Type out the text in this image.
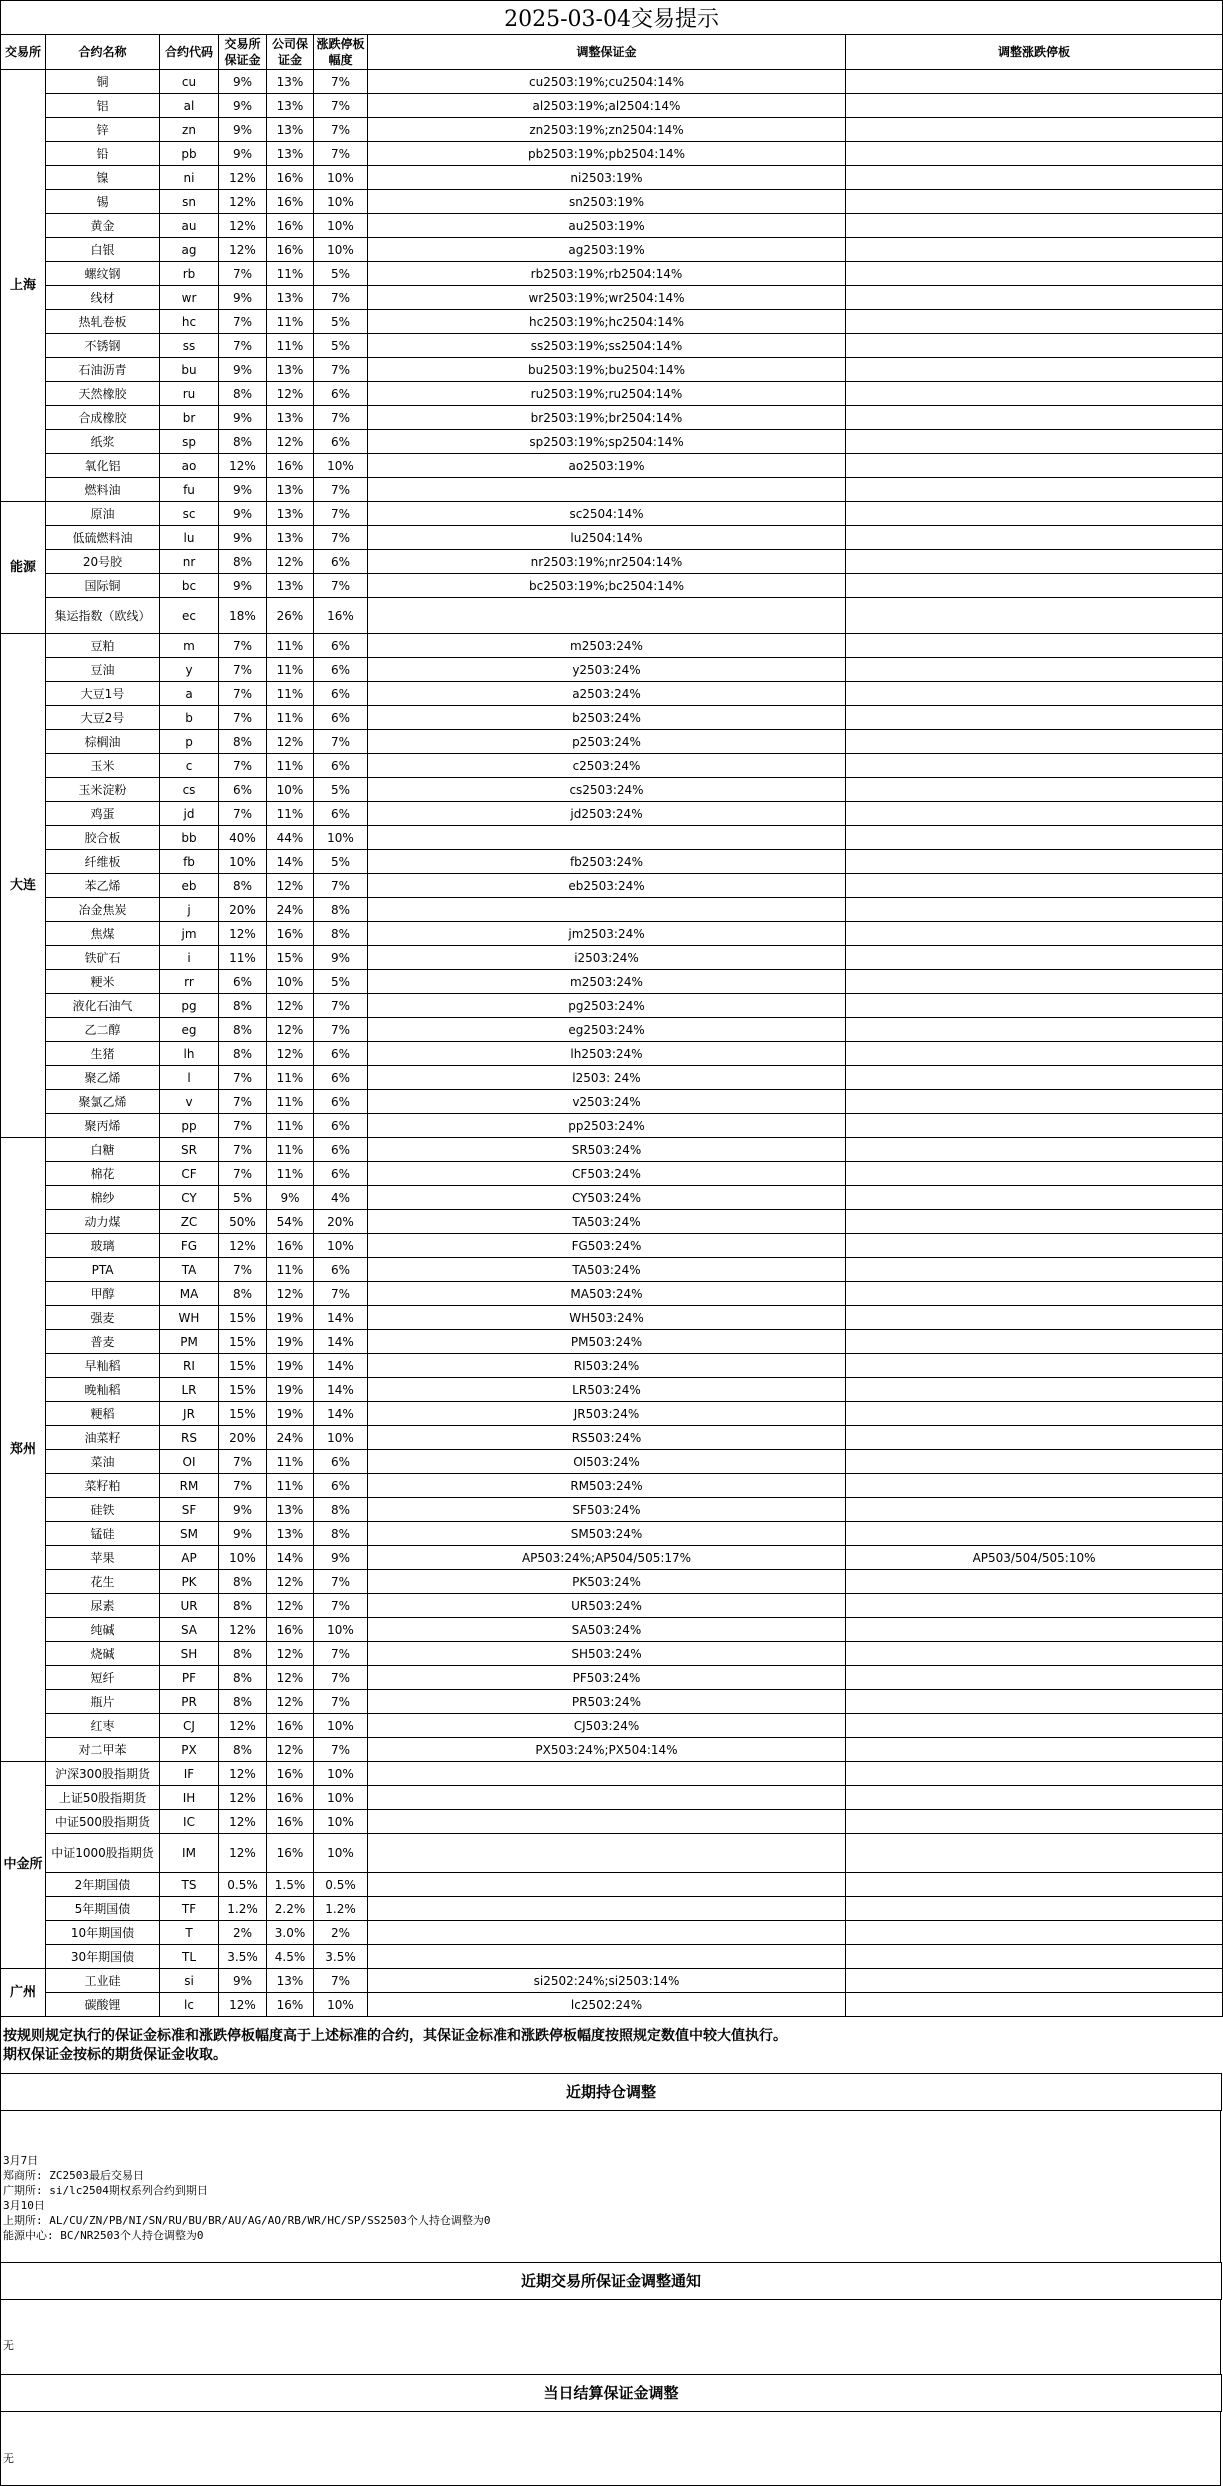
2025-03-04交易提示							
交易所	合约名称	合约代码	交易所保证金	公司保证金	涨跌停板幅度	调整保证金	调整涨跌停板
上海	铜	cu	9%	13%	7%	cu2503:19%;cu2504:14%	
	铝	al	9%	13%	7%	al2503:19%;al2504:14%	
	锌	zn	9%	13%	7%	zn2503:19%;zn2504:14%	
	铅	pb	9%	13%	7%	pb2503:19%;pb2504:14%	
	镍	ni	12%	16%	10%	ni2503:19%	
	锡	sn	12%	16%	10%	sn2503:19%	
	黄金	au	12%	16%	10%	au2503:19%	
	白银	ag	12%	16%	10%	ag2503:19%	
	螺纹钢	rb	7%	11%	5%	rb2503:19%;rb2504:14%	
	线材	wr	9%	13%	7%	wr2503:19%;wr2504:14%	
	热轧卷板	hc	7%	11%	5%	hc2503:19%;hc2504:14%	
	不锈钢	ss	7%	11%	5%	ss2503:19%;ss2504:14%	
	石油沥青	bu	9%	13%	7%	bu2503:19%;bu2504:14%	
	天然橡胶	ru	8%	12%	6%	ru2503:19%;ru2504:14%	
	合成橡胶	br	9%	13%	7%	br2503:19%;br2504:14%	
	纸浆	sp	8%	12%	6%	sp2503:19%;sp2504:14%	
	氧化铝	ao	12%	16%	10%	ao2503:19%	
	燃料油	fu	9%	13%	7%		
能源	原油	sc	9%	13%	7%	sc2504:14%	
	低硫燃料油	lu	9%	13%	7%	lu2504:14%	
	20号胶	nr	8%	12%	6%	nr2503:19%;nr2504:14%	
	国际铜	bc	9%	13%	7%	bc2503:19%;bc2504:14%	
	集运指数（欧线）	ec	18%	26%	16%		
大连	豆粕	m	7%	11%	6%	m2503:24%	
	豆油	y	7%	11%	6%	y2503:24%	
	大豆1号	a	7%	11%	6%	a2503:24%	
	大豆2号	b	7%	11%	6%	b2503:24%	
	棕榈油	p	8%	12%	7%	p2503:24%	
	玉米	c	7%	11%	6%	c2503:24%	
	玉米淀粉	cs	6%	10%	5%	cs2503:24%	
	鸡蛋	jd	7%	11%	6%	jd2503:24%	
	胶合板	bb	40%	44%	10%		
	纤维板	fb	10%	14%	5%	fb2503:24%	
	苯乙烯	eb	8%	12%	7%	eb2503:24%	
	冶金焦炭	j	20%	24%	8%		
	焦煤	jm	12%	16%	8%	jm2503:24%	
	铁矿石	i	11%	15%	9%	i2503:24%	
	粳米	rr	6%	10%	5%	m2503:24%	
	液化石油气	pg	8%	12%	7%	pg2503:24%	
	乙二醇	eg	8%	12%	7%	eg2503:24%	
	生猪	lh	8%	12%	6%	lh2503:24%	
	聚乙烯	l	7%	11%	6%	l2503: 24%	
	聚氯乙烯	v	7%	11%	6%	v2503:24%	
	聚丙烯	pp	7%	11%	6%	pp2503:24%	
郑州	白糖	SR	7%	11%	6%	SR503:24%	
	棉花	CF	7%	11%	6%	CF503:24%	
	棉纱	CY	5%	9%	4%	CY503:24%	
	动力煤	ZC	50%	54%	20%	TA503:24%	
	玻璃	FG	12%	16%	10%	FG503:24%	
	PTA	TA	7%	11%	6%	TA503:24%	
	甲醇	MA	8%	12%	7%	MA503:24%	
	强麦	WH	15%	19%	14%	WH503:24%	
	普麦	PM	15%	19%	14%	PM503:24%	
	早籼稻	RI	15%	19%	14%	RI503:24%	
	晚籼稻	LR	15%	19%	14%	LR503:24%	
	粳稻	JR	15%	19%	14%	JR503:24%	
	油菜籽	RS	20%	24%	10%	RS503:24%	
	菜油	OI	7%	11%	6%	OI503:24%	
	菜籽粕	RM	7%	11%	6%	RM503:24%	
	硅铁	SF	9%	13%	8%	SF503:24%	
	锰硅	SM	9%	13%	8%	SM503:24%	
	苹果	AP	10%	14%	9%	AP503:24%;AP504/505:17%	AP503/504/505:10%
	花生	PK	8%	12%	7%	PK503:24%	
	尿素	UR	8%	12%	7%	UR503:24%	
	纯碱	SA	12%	16%	10%	SA503:24%	
	烧碱	SH	8%	12%	7%	SH503:24%	
	短纤	PF	8%	12%	7%	PF503:24%	
	瓶片	PR	8%	12%	7%	PR503:24%	
	红枣	CJ	12%	16%	10%	CJ503:24%	
	对二甲苯	PX	8%	12%	7%	PX503:24%;PX504:14%	
中金所	沪深300股指期货	IF	12%	16%	10%		
	上证50股指期货	IH	12%	16%	10%		
	中证500股指期货	IC	12%	16%	10%		
	中证1000股指期货	IM	12%	16%	10%		
	2年期国债	TS	0.5%	1.5%	0.5%		
	5年期国债	TF	1.2%	2.2%	1.2%		
	10年期国债	T	2%	3.0%	2%		
	30年期国债	TL	3.5%	4.5%	3.5%		
广州	工业硅	si	9%	13%	7%	si2502:24%;si2503:14%	
	碳酸锂	lc	12%	16%	10%	lc2502:24%	
按规则规定执行的保证金标准和涨跌停板幅度高于上述标准的合约，其保证金标准和涨跌停板幅度按照规定数值中较大值执行。
期权保证金按标的期货保证金收取。
近期持仓调整
3月7日
郑商所: ZC2503最后交易日
广期所: si/lc2504期权系列合约到期日
3月10日
上期所: AL/CU/ZN/PB/NI/SN/RU/BU/BR/AU/AG/AO/RB/WR/HC/SP/SS2503个人持仓调整为0
能源中心: BC/NR2503个人持仓调整为0
近期交易所保证金调整通知
无
当日结算保证金调整
无
